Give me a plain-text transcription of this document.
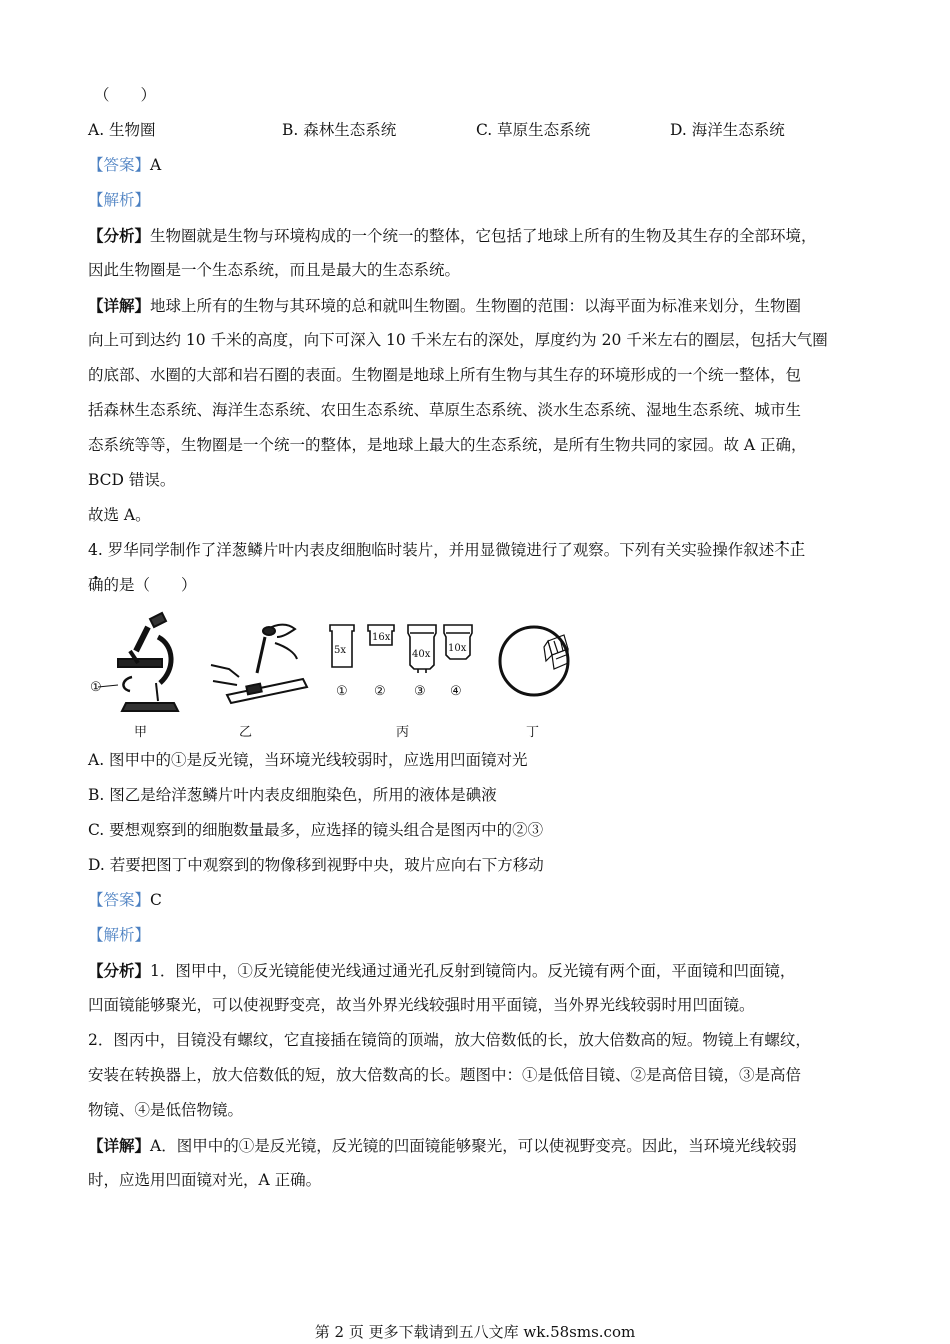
（　　）
A. 生物圈	B. 森林生态系统	C. 草原生态系统	D. 海洋生态系统
【答案】A
【解析】
【分析】生物圈就是生物与环境构成的一个统一的整体，它包括了地球上所有的生物及其生存的全部环境，
因此生物圈是一个生态系统，而且是最大的生态系统。
【详解】地球上所有的生物与其环境的总和就叫生物圈。生物圈的范围：以海平面为标准来划分，生物圈
向上可到达约 10 千米的高度，向下可深入 10 千米左右的深处，厚度约为 20 千米左右的圈层，包括大气圈
的底部、水圈的大部和岩石圈的表面。生物圈是地球上所有生物与其生存的环境形成的一个统一整体，包
括森林生态系统、海洋生态系统、农田生态系统、草原生态系统、淡水生态系统、湿地生态系统、城市生
态系统等等，生物圈是一个统一的整体，是地球上最大的生态系统，是所有生物共同的家园。故 A 正确，
BCD 错误。
故选 A。
4. 罗华同学制作了洋葱鳞片叶内表皮细胞临时装片，并用显微镜进行了观察。下列有关实验操作叙述不正
确的是（　　）
①
甲	乙
5x
16x
40x
10x
① ② ③ ④
丙	丁
A. 图甲中的①是反光镜，当环境光线较弱时，应选用凹面镜对光
B. 图乙是给洋葱鳞片叶内表皮细胞染色，所用的液体是碘液
C. 要想观察到的细胞数量最多，应选择的镜头组合是图丙中的②③
D. 若要把图丁中观察到的物像移到视野中央，玻片应向右下方移动
【答案】C
【解析】
【分析】1．图甲中，①反光镜能使光线通过通光孔反射到镜筒内。反光镜有两个面，平面镜和凹面镜，
凹面镜能够聚光，可以使视野变亮，故当外界光线较强时用平面镜，当外界光线较弱时用凹面镜。
2．图丙中，目镜没有螺纹，它直接插在镜筒的顶端，放大倍数低的长，放大倍数高的短。物镜上有螺纹，
安装在转换器上，放大倍数低的短，放大倍数高的长。题图中：①是低倍目镜、②是高倍目镜，③是高倍
物镜、④是低倍物镜。
【详解】A．图甲中的①是反光镜，反光镜的凹面镜能够聚光，可以使视野变亮。因此，当环境光线较弱
时，应选用凹面镜对光，A 正确。
第 2 页 更多下载请到五八文库 wk.58sms.com
